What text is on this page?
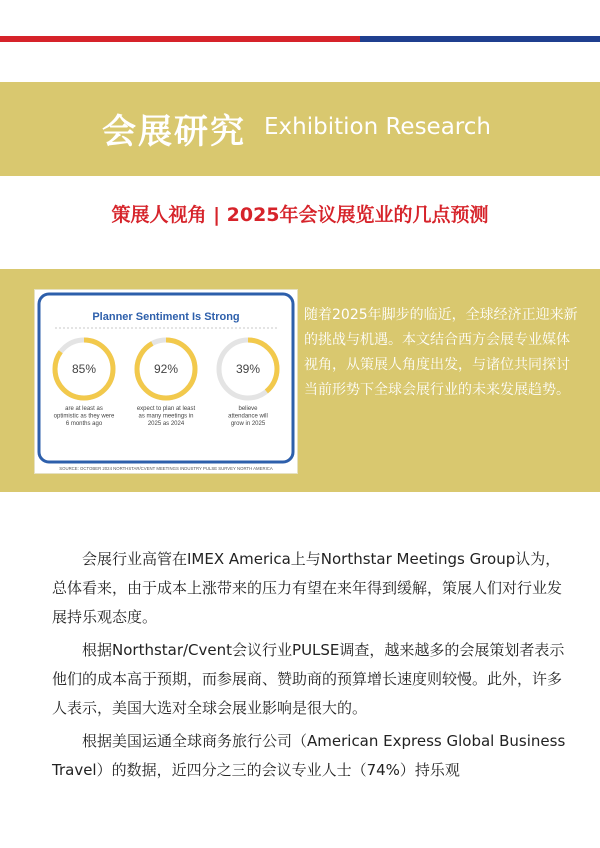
会展研究 Exhibition Research
策展人视角 | 2025年会议展览业的几点预测
Planner Sentiment Is Strong
85%
are at least as
optimistic as they were
6 months ago
92%
expect to plan at least
as many meetings in
2025 as 2024
39%
believe
attendance will
grow in 2025
SOURCE: OCTOBER 2024 NORTHSTAR/CVENT MEETINGS INDUSTRY PULSE SURVEY NORTH AMERICA
随着2025年脚步的临近，全球经济正迎来新的挑战与机遇。本文结合西方会展专业媒体视角，从策展人角度出发，与诸位共同探讨当前形势下全球会展行业的未来发展趋势。

会展行业高管在IMEX America上与Northstar Meetings Group认为，总体看来，由于成本上涨带来的压力有望在来年得到缓解，策展人们对行业发展持乐观态度。

根据Northstar/Cvent会议行业PULSE调查，越来越多的会展策划者表示他们的成本高于预期，而参展商、赞助商的预算增长速度则较慢。此外，许多人表示，美国大选对全球会展业影响是很大的。

根据美国运通全球商务旅行公司（American Express Global Business Travel）的数据，近四分之三的会议专业人士（74%）持乐观
